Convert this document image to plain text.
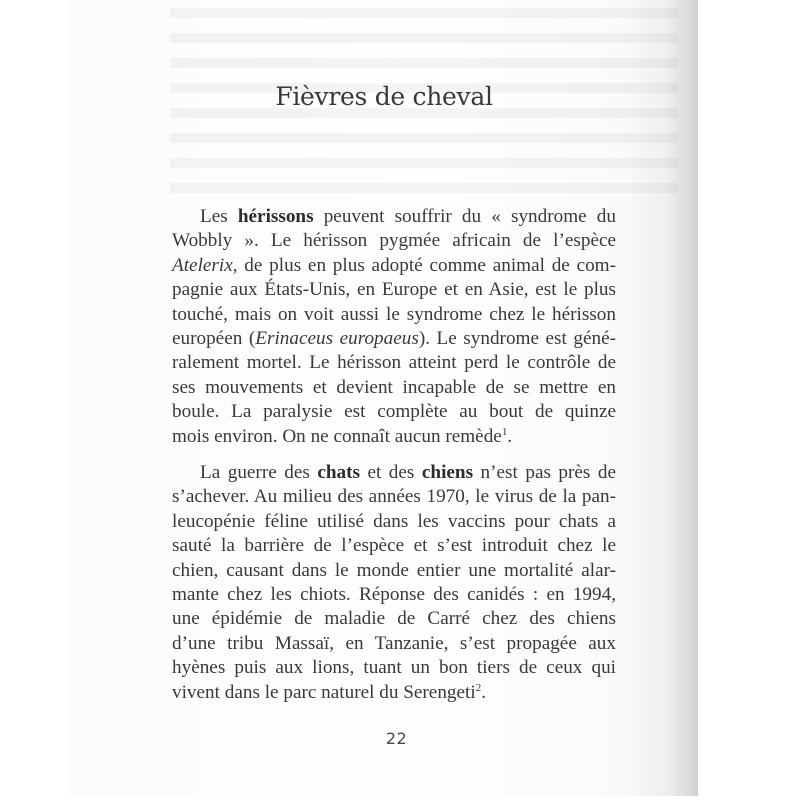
Fièvres de cheval
Les hérissons peuvent souffrir du « syndrome du
Wobbly ». Le hérisson pygmée africain de l’espèce
Atelerix, de plus en plus adopté comme animal de com-
pagnie aux États-Unis, en Europe et en Asie, est le plus
touché, mais on voit aussi le syndrome chez le hérisson
européen (Erinaceus europaeus). Le syndrome est géné-
ralement mortel. Le hérisson atteint perd le contrôle de
ses mouvements et devient incapable de se mettre en
boule. La paralysie est complète au bout de quinze
mois environ. On ne connaît aucun remède$^1$.
La guerre des chats et des chiens n’est pas près de
s’achever. Au milieu des années 1970, le virus de la pan-
leucopénie féline utilisé dans les vaccins pour chats a
sauté la barrière de l’espèce et s’est introduit chez le
chien, causant dans le monde entier une mortalité alar-
mante chez les chiots. Réponse des canidés : en 1994,
une épidémie de maladie de Carré chez des chiens
d’une tribu Massaï, en Tanzanie, s’est propagée aux
hyènes puis aux lions, tuant un bon tiers de ceux qui
vivent dans le parc naturel du Serengeti$^2$.
22
